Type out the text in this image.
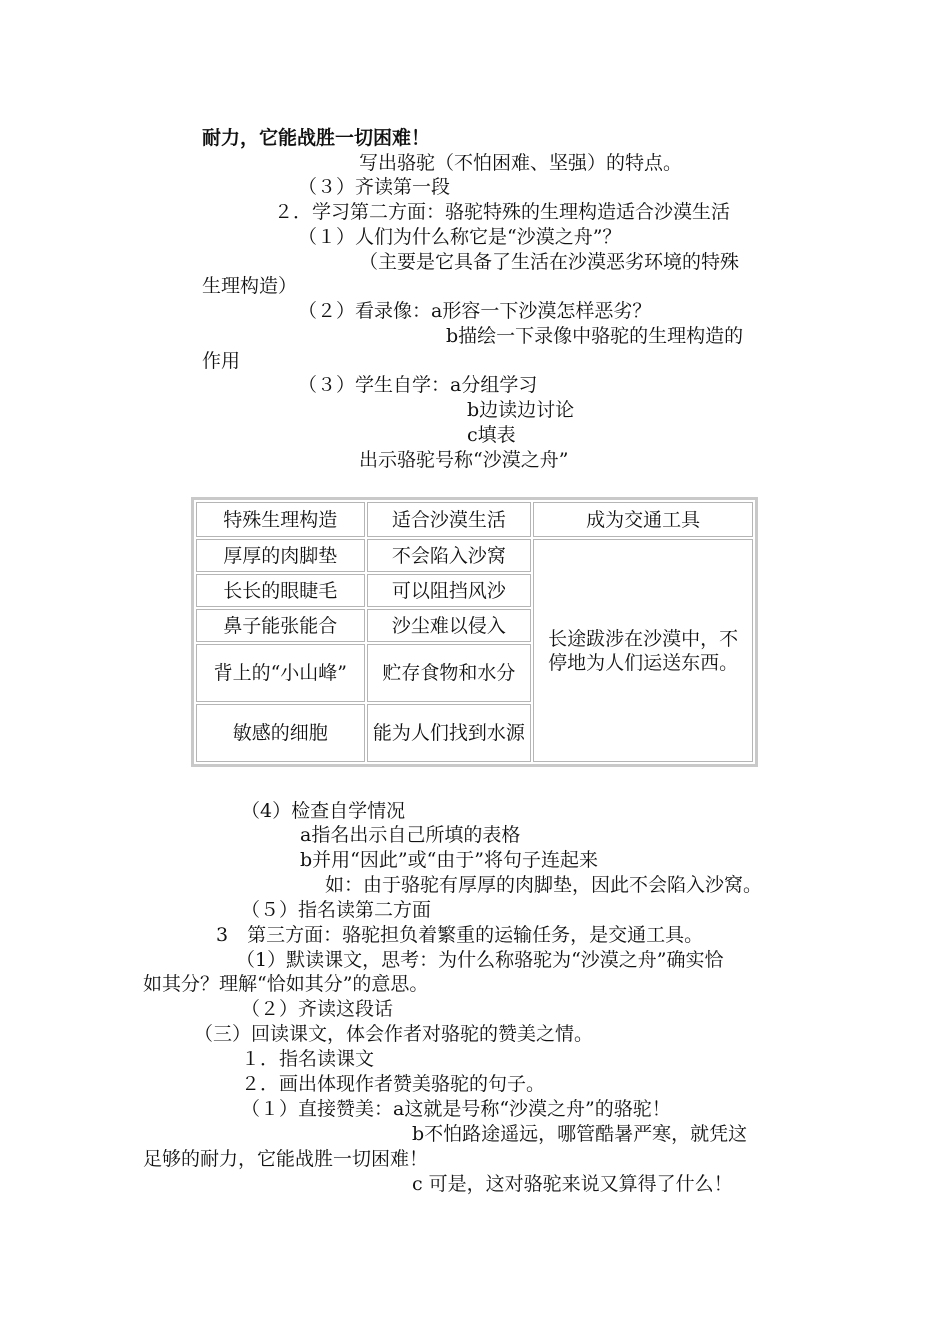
耐力，它能战胜一切困难！
写出骆驼（不怕困难、坚强）的特点。
（３）齐读第一段
２．学习第二方面：骆驼特殊的生理构造适合沙漠生活
（１）人们为什么称它是“沙漠之舟”？
（主要是它具备了生活在沙漠恶劣环境的特殊
生理构造）
（２）看录像：a形容一下沙漠怎样恶劣？
b描绘一下录像中骆驼的生理构造的
作用
（３）学生自学：a分组学习
b边读边讨论
c填表
出示骆驼号称“沙漠之舟”
特殊生理构造	适合沙漠生活	成为交通工具
厚厚的肉脚垫	不会陷入沙窝	长途跋涉在沙漠中，不停地为人们运送东西。
长长的眼睫毛	可以阻挡风沙	
鼻子能张能合	沙尘难以侵入	
背上的“小山峰”	贮存食物和水分	
敏感的细胞	能为人们找到水源	
（4）检查自学情况
a指名出示自己所填的表格
b并用“因此”或“由于”将句子连起来
如：由于骆驼有厚厚的肉脚垫，因此不会陷入沙窝。
（５）指名读第二方面
3　第三方面：骆驼担负着繁重的运输任务，是交通工具。
（1）默读课文，思考：为什么称骆驼为“沙漠之舟”确实恰
如其分？理解“恰如其分”的意思。
（２）齐读这段话
（三）回读课文，体会作者对骆驼的赞美之情。
１．指名读课文
２．画出体现作者赞美骆驼的句子。
（１）直接赞美：a这就是号称“沙漠之舟”的骆驼！
b不怕路途遥远，哪管酷暑严寒，就凭这
足够的耐力，它能战胜一切困难！
c 可是，这对骆驼来说又算得了什么！
